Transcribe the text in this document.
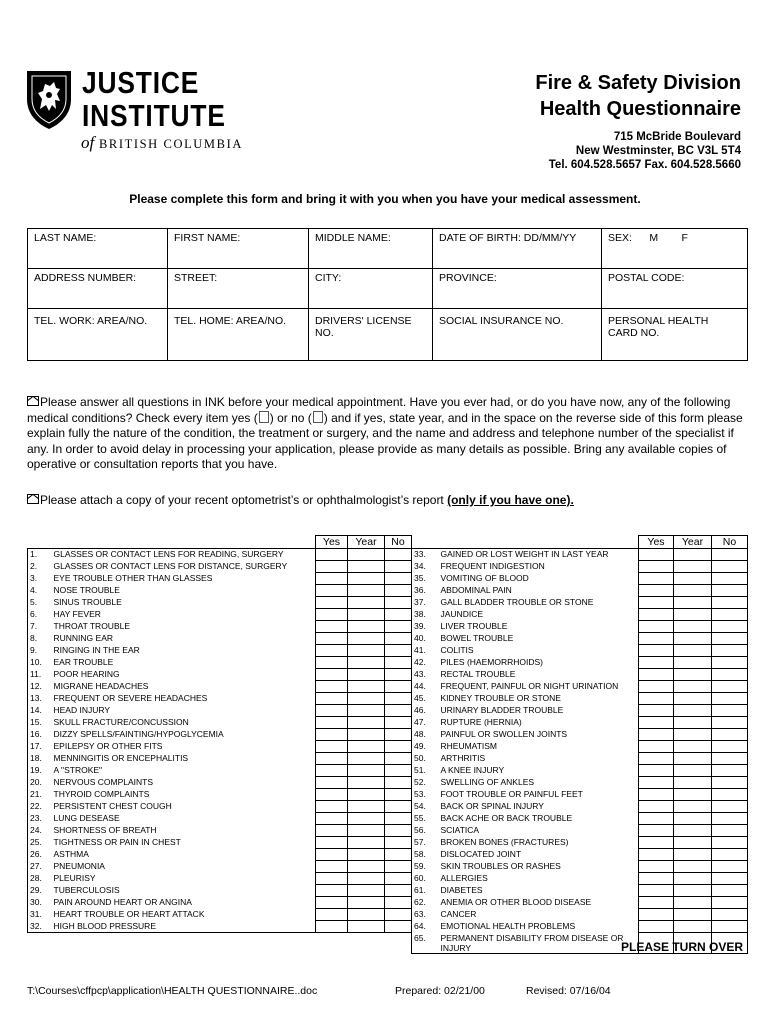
JUSTICE
INSTITUTE
of BRITISH COLUMBIA
Fire & Safety Division
Health Questionnaire
715 McBride Boulevard
New Westminster, BC V3L 5T4
Tel. 604.528.5657 Fax. 604.528.5660
Please complete this form and bring it with you when you have your medical assessment.
LAST NAME:	FIRST NAME:	MIDDLE NAME:	DATE OF BIRTH: DD/MM/YY	SEX:      M        F
ADDRESS NUMBER:	STREET:	CITY:	PROVINCE:	POSTAL CODE:
TEL. WORK: AREA/NO.	TEL. HOME: AREA/NO.	DRIVERS' LICENSE NO.	SOCIAL INSURANCE NO.	PERSONAL HEALTH CARD NO.
Please answer all questions in INK before your medical appointment. Have you ever had, or do you have now, any of the following medical conditions? Check every item yes ( ) or no ( ) and if yes, state year, and in the space on the reverse side of this form please explain fully the nature of the condition, the treatment or surgery, and the name and address and telephone number of the specialist if any. In order to avoid delay in processing your application, please provide as many details as possible. Bring any available copies of operative or consultation reports that you have.
Please attach a copy of your recent optometrist’s or ophthalmologist’s report (only if you have one).
		Yes	Year	No
1.	GLASSES OR CONTACT LENS FOR READING, SURGERY			
2.	GLASSES OR CONTACT LENS FOR DISTANCE, SURGERY			
3.	EYE TROUBLE OTHER THAN GLASSES			
4.	NOSE TROUBLE			
5.	SINUS TROUBLE			
6.	HAY FEVER			
7.	THROAT TROUBLE			
8.	RUNNING EAR			
9.	RINGING IN THE EAR			
10.	EAR TROUBLE			
11.	POOR HEARING			
12.	MIGRANE HEADACHES			
13.	FREQUENT OR SEVERE HEADACHES			
14.	HEAD INJURY			
15.	SKULL FRACTURE/CONCUSSION			
16.	DIZZY SPELLS/FAINTING/HYPOGLYCEMIA			
17.	EPILEPSY OR OTHER FITS			
18.	MENNINGITIS OR ENCEPHALITIS			
19.	A "STROKE"			
20.	NERVOUS COMPLAINTS			
21.	THYROID COMPLAINTS			
22.	PERSISTENT CHEST COUGH			
23.	LUNG DESEASE			
24.	SHORTNESS OF BREATH			
25.	TIGHTNESS OR PAIN IN CHEST			
26.	ASTHMA			
27.	PNEUMONIA			
28.	PLEURISY			
29.	TUBERCULOSIS			
30.	PAIN AROUND HEART OR ANGINA			
31.	HEART TROUBLE OR HEART ATTACK			
32.	HIGH BLOOD PRESSURE			
		Yes	Year	No
33.	GAINED OR LOST WEIGHT IN LAST YEAR			
34.	FREQUENT INDIGESTION			
35.	VOMITING OF BLOOD			
36.	ABDOMINAL PAIN			
37.	GALL BLADDER TROUBLE OR STONE			
38.	JAUNDICE			
39.	LIVER TROUBLE			
40.	BOWEL TROUBLE			
41.	COLITIS			
42.	PILES (HAEMORRHOIDS)			
43.	RECTAL TROUBLE			
44.	FREQUENT, PAINFUL OR NIGHT URINATION			
45.	KIDNEY TROUBLE OR STONE			
46.	URINARY BLADDER TROUBLE			
47.	RUPTURE (HERNIA)			
48.	PAINFUL OR SWOLLEN JOINTS			
49.	RHEUMATISM			
50.	ARTHRITIS			
51.	A KNEE INJURY			
52.	SWELLING OF ANKLES			
53.	FOOT TROUBLE OR PAINFUL FEET			
54.	BACK OR SPINAL INJURY			
55.	BACK ACHE OR BACK TROUBLE			
56.	SCIATICA			
57.	BROKEN BONES (FRACTURES)			
58.	DISLOCATED JOINT			
59.	SKIN TROUBLES OR RASHES			
60.	ALLERGIES			
61.	DIABETES			
62.	ANEMIA OR OTHER BLOOD DISEASE			
63.	CANCER			
64.	EMOTIONAL HEALTH PROBLEMS			
65.	PERMANENT DISABILITY FROM DISEASE OR INJURY				PLEASE TURN OVER
T:\Courses\cffpcp\application\HEALTH QUESTIONNAIRE..doc	Prepared: 02/21/00	Revised: 07/16/04
